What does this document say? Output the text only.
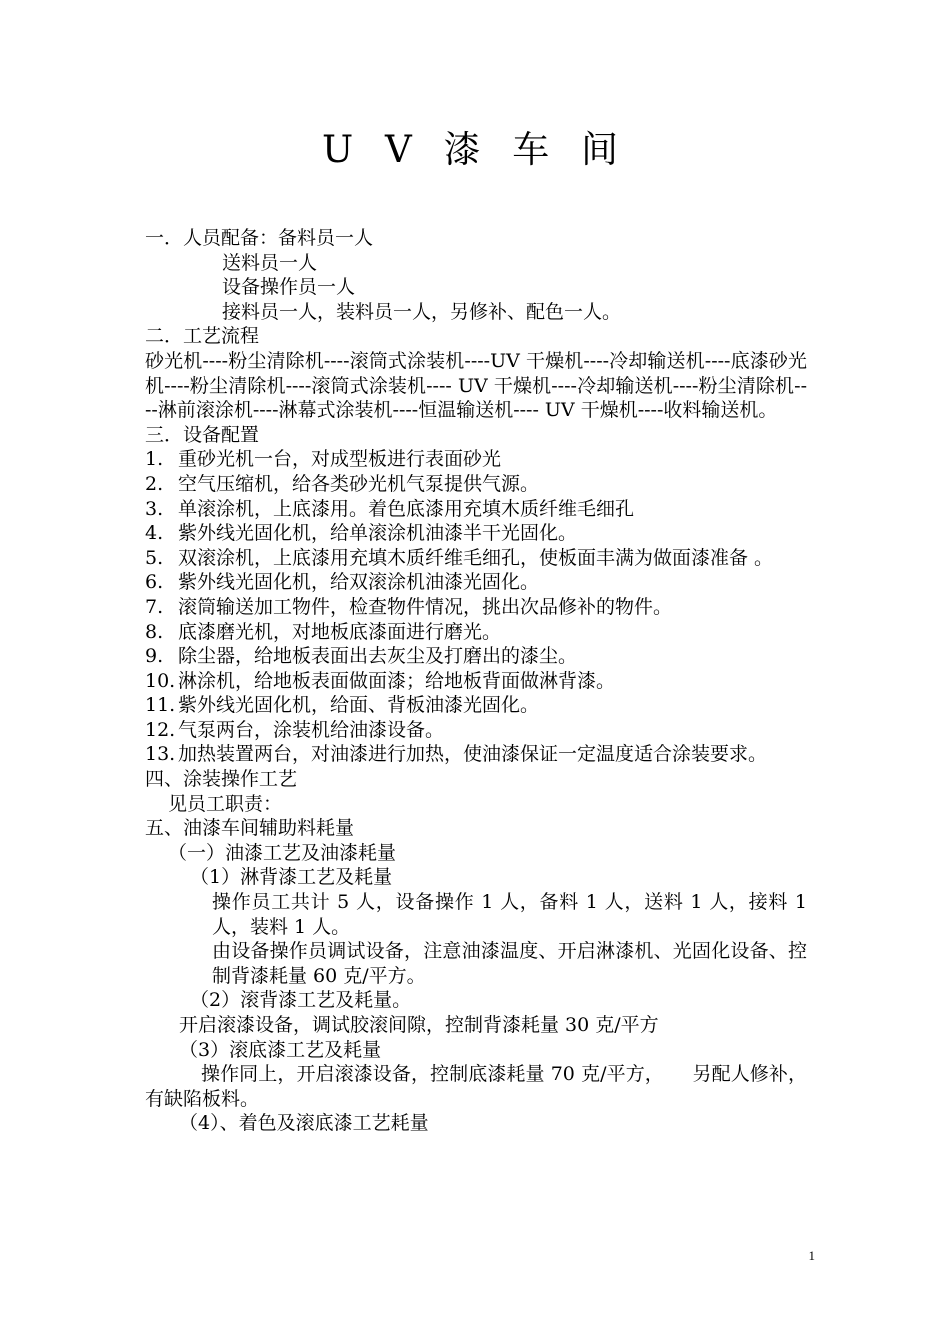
U V 漆 车 间
一．人员配备：备料员一人
送料员一人
设备操作员一人
接料员一人，装料员一人，另修补、配色一人。
二．工艺流程
砂光机----粉尘清除机----滚筒式涂装机----UV 干燥机----冷却输送机----底漆砂光机----粉尘清除机----滚筒式涂装机---- UV 干燥机----冷却输送机----粉尘清除机----淋前滚涂机----淋幕式涂装机----恒温输送机---- UV 干燥机----收料输送机。
三．设备配置
1. 重砂光机一台，对成型板进行表面砂光
2. 空气压缩机，给各类砂光机气泵提供气源。
3. 单滚涂机，上底漆用。着色底漆用充填木质纤维毛细孔
4. 紫外线光固化机，给单滚涂机油漆半干光固化。
5. 双滚涂机，上底漆用充填木质纤维毛细孔，使板面丰满为做面漆准备 。
6. 紫外线光固化机，给双滚涂机油漆光固化。
7. 滚筒输送加工物件，检查物件情况，挑出次品修补的物件。
8. 底漆磨光机，对地板底漆面进行磨光。
9. 除尘器，给地板表面出去灰尘及打磨出的漆尘。
10. 淋涂机，给地板表面做面漆；给地板背面做淋背漆。
11. 紫外线光固化机，给面、背板油漆光固化。
12. 气泵两台，涂装机给油漆设备。
13. 加热装置两台，对油漆进行加热，使油漆保证一定温度适合涂装要求。
四、涂装操作工艺
见员工职责：
五、油漆车间辅助料耗量
（一）油漆工艺及油漆耗量
（1）淋背漆工艺及耗量
操作员工共计 5 人，设备操作 1 人，备料 1 人，送料 1 人，接料 1 人，装料 1 人。
由设备操作员调试设备，注意油漆温度、开启淋漆机、光固化设备、控制背漆耗量 60 克/平方。
（2）滚背漆工艺及耗量。
开启滚漆设备，调试胶滚间隙，控制背漆耗量 30 克/平方
（3）滚底漆工艺及耗量
操作同上，开启滚漆设备，控制底漆耗量 70 克/平方，　　另配人修补，有缺陷板料。
（4）、着色及滚底漆工艺耗量
1
